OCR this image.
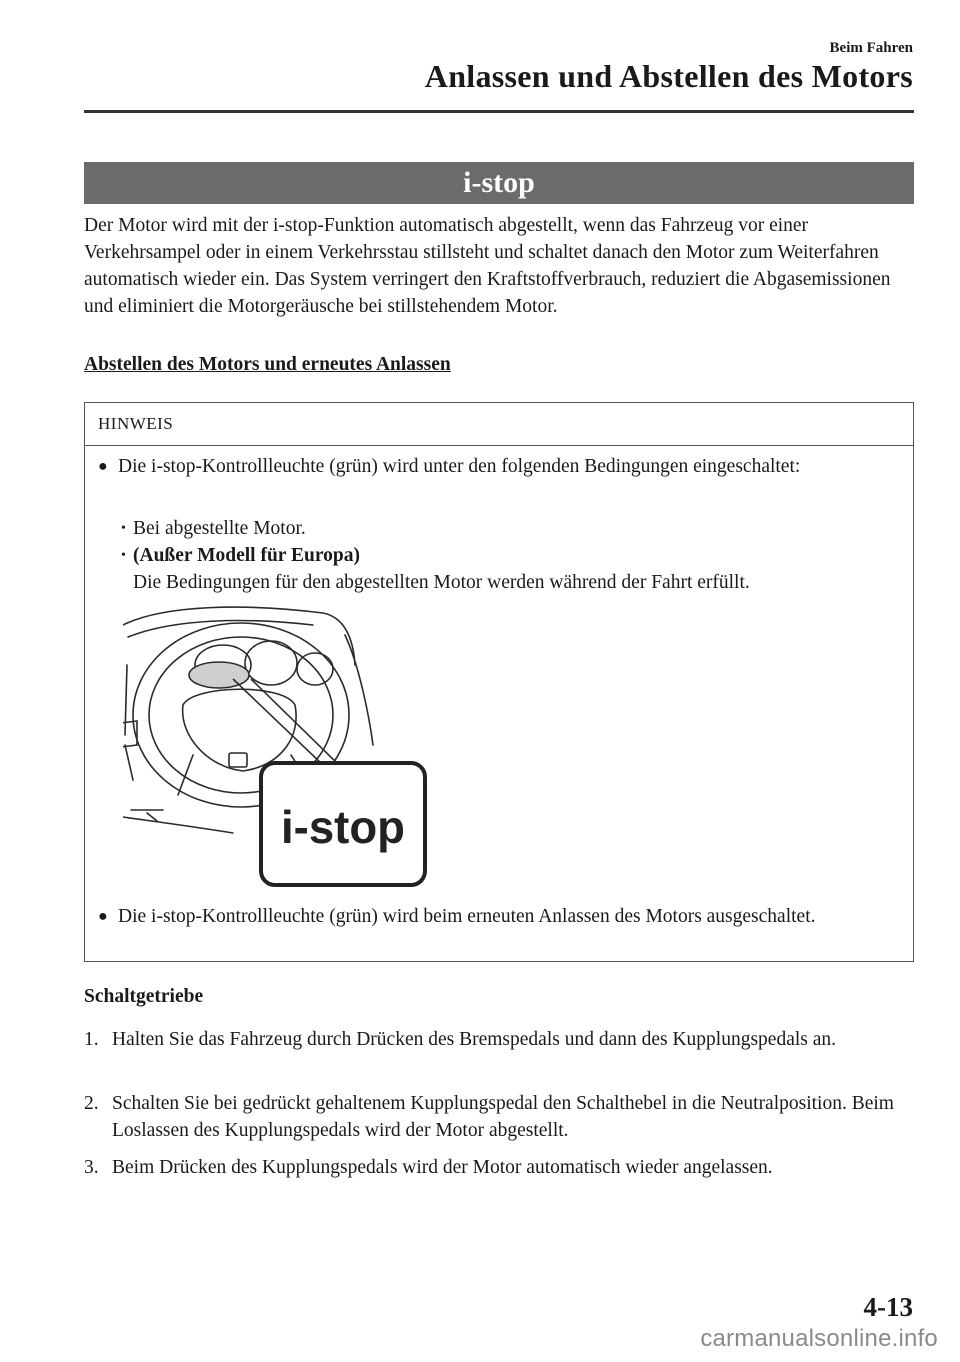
Beim Fahren
Anlassen und Abstellen des Motors
i-stop

Der Motor wird mit der i-stop-Funktion automatisch abgestellt, wenn das Fahrzeug vor einer Verkehrsampel oder in einem Verkehrsstau stillsteht und schaltet danach den Motor zum Weiterfahren automatisch wieder ein. Das System verringert den Kraftstoffverbrauch, reduziert die Abgasemissionen und eliminiert die Motorgeräusche bei stillstehendem Motor.

Abstellen des Motors und erneutes Anlassen

HINWEIS
● Die i-stop-Kontrollleuchte (grün) wird unter den folgenden Bedingungen eingeschaltet:
• Bei abgestellte Motor.
• (Außer Modell für Europa)
Die Bedingungen für den abgestellten Motor werden während der Fahrt erfüllt.
i-stop
● Die i-stop-Kontrollleuchte (grün) wird beim erneuten Anlassen des Motors ausgeschaltet.

Schaltgetriebe

1. Halten Sie das Fahrzeug durch Drücken des Bremspedals und dann des Kupplungspedals an.
2. Schalten Sie bei gedrückt gehaltenem Kupplungspedal den Schalthebel in die Neutralposition. Beim Loslassen des Kupplungspedals wird der Motor abgestellt.
3. Beim Drücken des Kupplungspedals wird der Motor automatisch wieder angelassen.
4-13
carmanualsonline.info
